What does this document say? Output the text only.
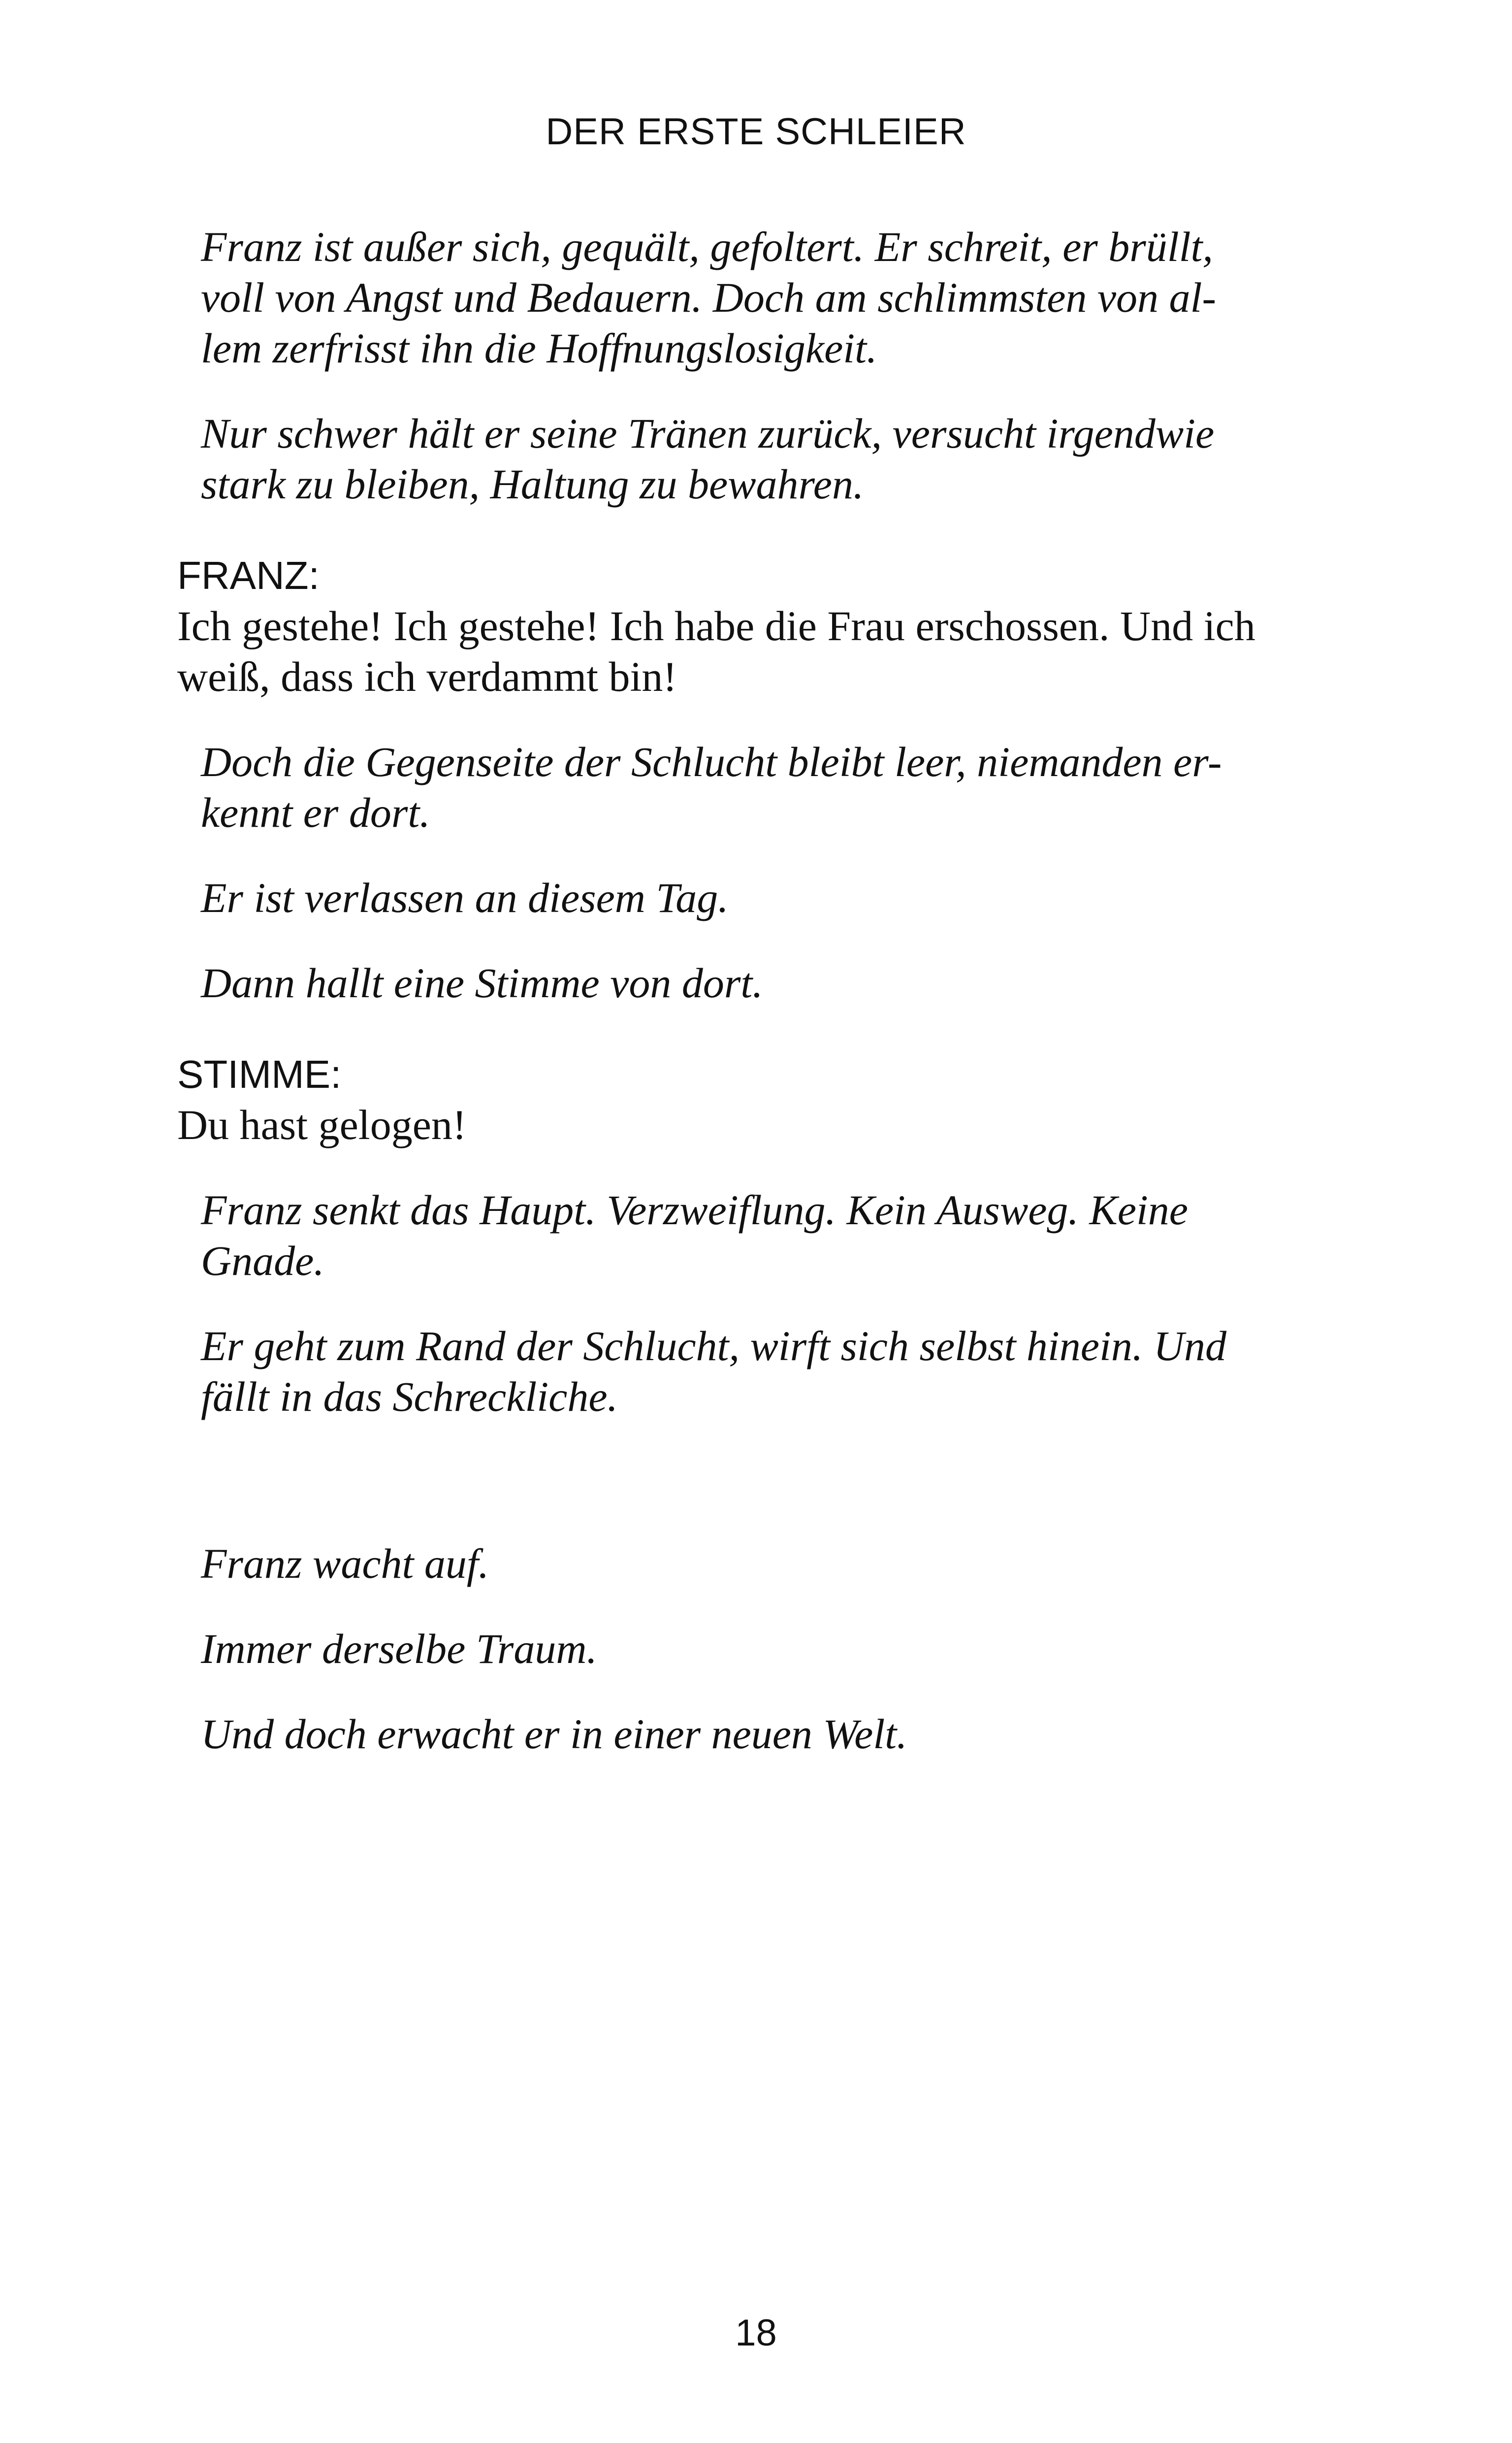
DER ERSTE SCHLEIER
Franz ist außer sich, gequält, gefoltert. Er schreit, er brüllt,
voll von Angst und Bedauern. Doch am schlimmsten von al-
lem zerfrisst ihn die Hoffnungslosigkeit.
Nur schwer hält er seine Tränen zurück, versucht irgendwie
stark zu bleiben, Haltung zu bewahren.
FRANZ:
Ich gestehe! Ich gestehe! Ich habe die Frau erschossen. Und ich
weiß, dass ich verdammt bin!
Doch die Gegenseite der Schlucht bleibt leer, niemanden er-
kennt er dort.
Er ist verlassen an diesem Tag.
Dann hallt eine Stimme von dort.
STIMME:
Du hast gelogen!
Franz senkt das Haupt. Verzweiflung. Kein Ausweg. Keine
Gnade.
Er geht zum Rand der Schlucht, wirft sich selbst hinein. Und
fällt in das Schreckliche.
Franz wacht auf.
Immer derselbe Traum.
Und doch erwacht er in einer neuen Welt.
18
